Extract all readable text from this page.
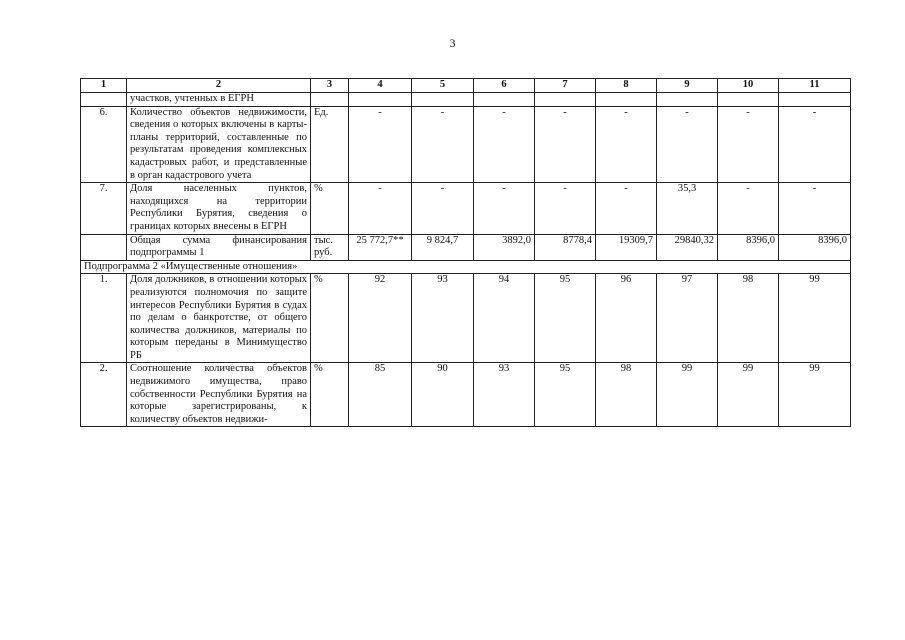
3
1	2	3	4	5	6	7	8	9	10	11
	участков, учтенных в ЕГРН									
6.	Количество объектов недвижимости, сведения о которых включены в карты-планы территорий, составленные по результатам проведения комплексных кадастровых работ, и представленные в орган кадастрового учета	Ед.	-	-	-	-	-	-	-	-
7.	Доля населенных пунктов, находящихся на территории Республики Бурятия, сведения о границах которых внесены в ЕГРН	%	-	-	-	-	-	35,3	-	-
	Общая сумма финансирования подпрограммы 1	тыс. руб.	25 772,7**	9 824,7	3892,0	8778,4	19309,7	29840,32	8396,0	8396,0
Подпрограмма 2 «Имущественные отношения»										
1.	Доля должников, в отношении которых реализуются полномочия по защите интересов Республики Бурятия в судах по делам о банкротстве, от общего количества должников, материалы по которым переданы в Минимущество РБ	%	92	93	94	95	96	97	98	99
2.	Соотношение количества объектов недвижимого имущества, право собственности Республики Бурятия на которые зарегистрированы, к количеству объектов недвижи-	%	85	90	93	95	98	99	99	99
